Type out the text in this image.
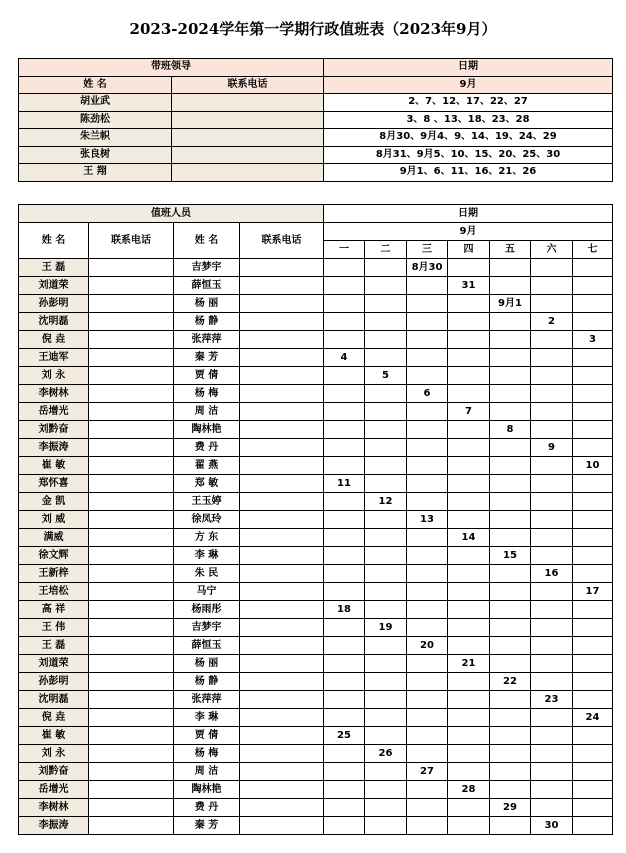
2023-2024学年第一学期行政值班表（2023年9月）
带班领导		日期
姓 名	联系电话	9月
胡业武		2、7、12、17、22、27
陈劲松		3、8 、13、18、23、28
朱兰帜		8月30、9月4、9、14、19、24、29
张良树		8月31、9月5、10、15、20、25、30
王 翔		9月1、6、11、16、21、26
值班人员				日期						
姓 名	联系电话	姓 名	联系电话	9月						
				一	二	三	四	五	六	七
王 磊		吉梦宇				8月30				
刘道荣		薛恒玉					31			
孙彭明		杨 丽						9月1		
沈明磊		杨 静							2	
倪 垚		张萍萍								3
王迪军		秦 芳		4						
刘 永		贾 倩			5					
李树林		杨 梅				6				
岳增光		周 洁					7			
刘黔奋		陶林艳						8		
李振涛		费 丹							9	
崔 敏		翟 燕								10
郑怀喜		郑 敏		11						
金 凯		王玉婷			12					
刘 威		徐凤玲				13				
满威		方 东					14			
徐文辉		李 琳						15		
王新梓		朱 民							16	
王培松		马宁								17
高 祥		杨雨彤		18						
王 伟		吉梦宇			19					
王 磊		薛恒玉				20				
刘道荣		杨 丽					21			
孙彭明		杨 静						22		
沈明磊		张萍萍							23	
倪 垚		李 琳								24
崔 敏		贾 倩		25						
刘 永		杨 梅			26					
刘黔奋		周 洁				27				
岳增光		陶林艳					28			
李树林		费 丹						29		
李振涛		秦 芳							30	
